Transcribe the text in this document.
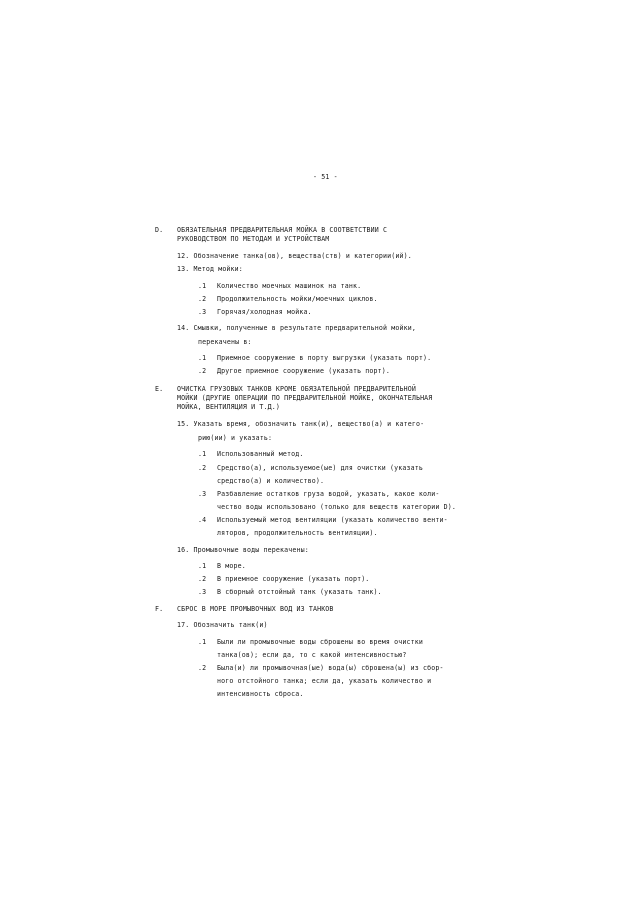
- 51 -
D. ОБЯЗАТЕЛЬНАЯ ПРЕДВАРИТЕЛЬНАЯ МОЙКА В СООТВЕТСТВИИ С
РУКОВОДСТВОМ ПО МЕТОДАМ И УСТРОЙСТВАМ
12. Обозначение танка(ов), вещества(ств) и категории(ий).
13. Метод мойки:
.1 Количество моечных машинок на танк.
.2 Продолжительность мойки/моечных циклов.
.3 Горячая/холодная мойка.
14. Смывки, полученные в результате предварительной мойки,
перекачены в:
.1 Приемное сооружение в порту выгрузки (указать порт).
.2 Другое приемное сооружение (указать порт).
E. ОЧИСТКА ГРУЗОВЫХ ТАНКОВ КРОМЕ ОБЯЗАТЕЛЬНОЙ ПРЕДВАРИТЕЛЬНОЙ
МОЙКИ (ДРУГИЕ ОПЕРАЦИИ ПО ПРЕДВАРИТЕЛЬНОЙ МОЙКЕ, ОКОНЧАТЕЛЬНАЯ
МОЙКА, ВЕНТИЛЯЦИЯ И Т.Д.)
15. Указать время, обозначить танк(и), вещество(а) и катего-
рию(ии) и указать:
.1 Использованный метод.
.2 Средство(а), используемое(ые) для очистки (указать
средство(а) и количество).
.3 Разбавление остатков груза водой, указать, какое коли-
чество воды использовано (только для веществ категории D).
.4 Используемый метод вентиляции (указать количество венти-
ляторов, продолжительность вентиляции).
16. Промывочные воды перекачены:
.1 В море.
.2 В приемное сооружение (указать порт).
.3 В сборный отстойный танк (указать танк).
F. СБРОС В МОРЕ ПРОМЫВОЧНЫХ ВОД ИЗ ТАНКОВ
17. Обозначить танк(и)
.1 Были ли промывочные воды сброшены во время очистки
танка(ов); если да, то с какой интенсивностью?
.2 Была(и) ли промывочная(ые) вода(ы) сброшена(ы) из сбор-
ного отстойного танка; если да, указать количество и
интенсивность сброса.
